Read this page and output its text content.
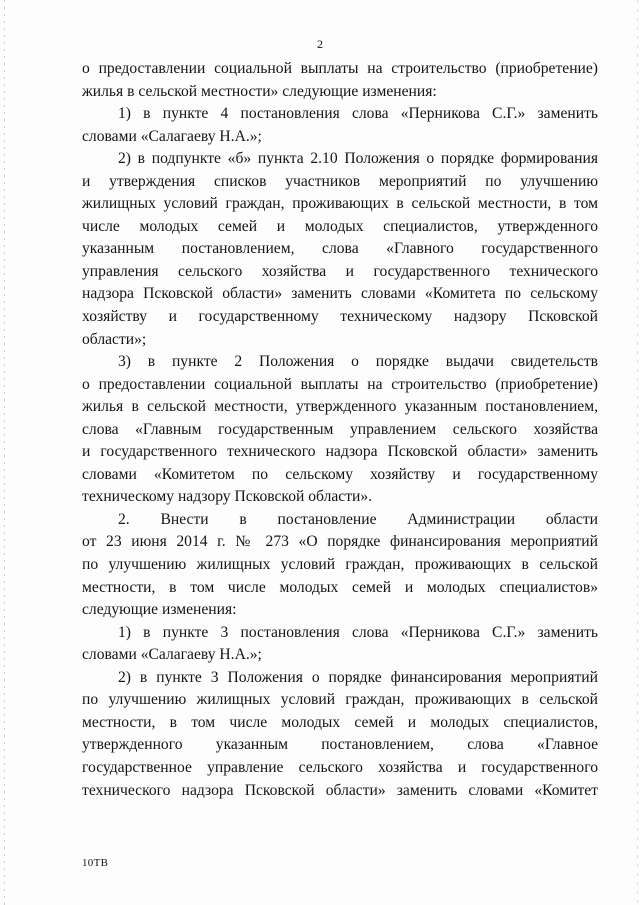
2
о предоставлении социальной выплаты на строительство (приобретение)
жилья в сельской местности» следующие изменения:
1) в пункте 4 постановления слова «Перникова С.Г.» заменить
словами «Салагаеву Н.А.»;
2) в подпункте «б» пункта 2.10 Положения о порядке формирования
и утверждения списков участников мероприятий по улучшению
жилищных условий граждан, проживающих в сельской местности, в том
числе молодых семей и молодых специалистов, утвержденного
указанным постановлением, слова «Главного государственного
управления сельского хозяйства и государственного технического
надзора Псковской области» заменить словами «Комитета по сельскому
хозяйству и государственному техническому надзору Псковской
области»;
3) в пункте 2 Положения о порядке выдачи свидетельств
о предоставлении социальной выплаты на строительство (приобретение)
жилья в сельской местности, утвержденного указанным постановлением,
слова «Главным государственным управлением сельского хозяйства
и государственного технического надзора Псковской области» заменить
словами «Комитетом по сельскому хозяйству и государственному
техническому надзору Псковской области».
2. Внести в постановление Администрации области
от 23 июня 2014 г. № 273 «О порядке финансирования мероприятий
по улучшению жилищных условий граждан, проживающих в сельской
местности, в том числе молодых семей и молодых специалистов»
следующие изменения:
1) в пункте 3 постановления слова «Перникова С.Г.» заменить
словами «Салагаеву Н.А.»;
2) в пункте 3 Положения о порядке финансирования мероприятий
по улучшению жилищных условий граждан, проживающих в сельской
местности, в том числе молодых семей и молодых специалистов,
утвержденного указанным постановлением, слова «Главное
государственное управление сельского хозяйства и государственного
технического надзора Псковской области» заменить словами «Комитет
10ТВ
